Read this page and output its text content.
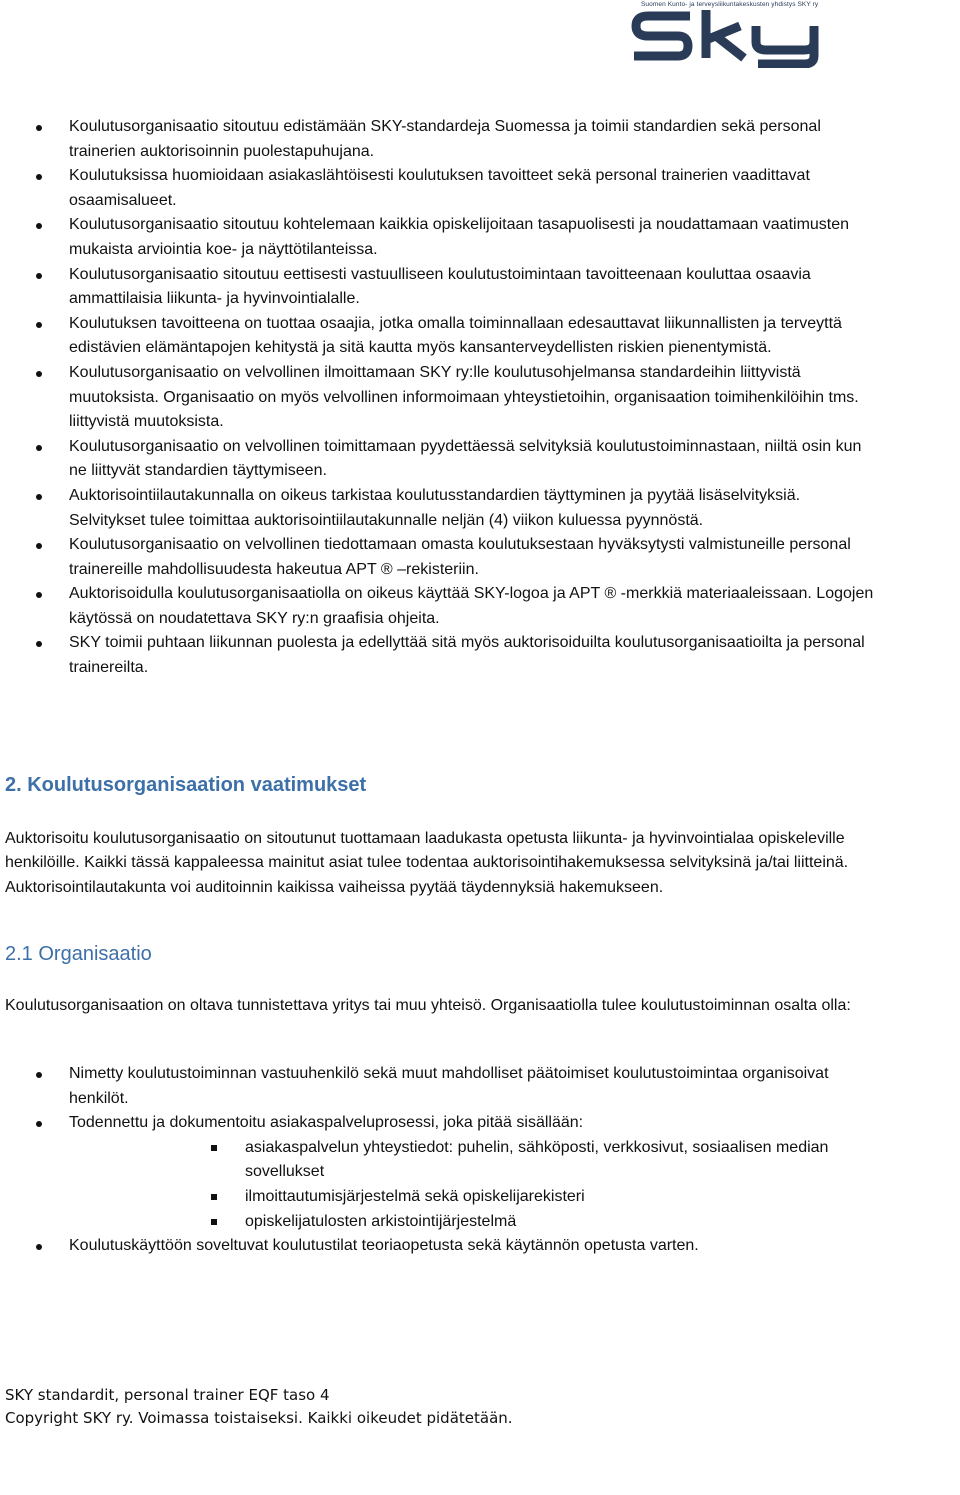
Suomen Kunto- ja terveysliikuntakeskusten yhdistys SKY ry
Koulutusorganisaatio sitoutuu edistämään SKY-standardeja Suomessa ja toimii standardien sekä personal trainerien auktorisoinnin puolestapuhujana.
Koulutuksissa huomioidaan asiakaslähtöisesti koulutuksen tavoitteet sekä personal trainerien vaadittavat osaamisalueet.
Koulutusorganisaatio sitoutuu kohtelemaan kaikkia opiskelijoitaan tasapuolisesti ja noudattamaan vaatimusten mukaista arviointia koe- ja näyttötilanteissa.
Koulutusorganisaatio sitoutuu eettisesti vastuulliseen koulutustoimintaan tavoitteenaan kouluttaa osaavia ammattilaisia liikunta- ja hyvinvointialalle.
Koulutuksen tavoitteena on tuottaa osaajia, jotka omalla toiminnallaan edesauttavat liikunnallisten ja terveyttä edistävien elämäntapojen kehitystä ja sitä kautta myös kansanterveydellisten riskien pienentymistä.
Koulutusorganisaatio on velvollinen ilmoittamaan SKY ry:lle koulutusohjelmansa standardeihin liittyvistä muutoksista. Organisaatio on myös velvollinen informoimaan yhteystietoihin, organisaation toimihenkilöihin tms. liittyvistä muutoksista.
Koulutusorganisaatio on velvollinen toimittamaan pyydettäessä selvityksiä koulutustoiminnastaan, niiltä osin kun ne liittyvät standardien täyttymiseen.
Auktorisointiilautakunnalla on oikeus tarkistaa koulutusstandardien täyttyminen ja pyytää lisäselvityksiä. Selvitykset tulee toimittaa auktorisointiilautakunnalle neljän (4) viikon kuluessa pyynnöstä.
Koulutusorganisaatio on velvollinen tiedottamaan omasta koulutuksestaan hyväksytysti valmistuneille personal trainereille mahdollisuudesta hakeutua APT ® –rekisteriin.
Auktorisoidulla koulutusorganisaatiolla on oikeus käyttää SKY-logoa ja APT ® -merkkiä materiaaleissaan. Logojen käytössä on noudatettava SKY ry:n graafisia ohjeita.
SKY toimii puhtaan liikunnan puolesta ja edellyttää sitä myös auktorisoiduilta koulutusorganisaatioilta ja personal trainereilta.
2. Koulutusorganisaation vaatimukset

Auktorisoitu koulutusorganisaatio on sitoutunut tuottamaan laadukasta opetusta liikunta- ja hyvinvointialaa opiskeleville henkilöille. Kaikki tässä kappaleessa mainitut asiat tulee todentaa auktorisointihakemuksessa selvityksinä ja/tai liitteinä. Auktorisointilautakunta voi auditoinnin kaikissa vaiheissa pyytää täydennyksiä hakemukseen.

2.1 Organisaatio

Koulutusorganisaation on oltava tunnistettava yritys tai muu yhteisö. Organisaatiolla tulee koulutustoiminnan osalta olla:

Nimetty koulutustoiminnan vastuuhenkilö sekä muut mahdolliset päätoimiset koulutustoimintaa organisoivat henkilöt.
Todennettu ja dokumentoitu asiakaspalveluprosessi, joka pitää sisällään:
asiakaspalvelun yhteystiedot: puhelin, sähköposti, verkkosivut, sosiaalisen median sovellukset
ilmoittautumisjärjestelmä sekä opiskelijarekisteri
opiskelijatulosten arkistointijärjestelmä
Koulutuskäyttöön soveltuvat koulutustilat teoriaopetusta sekä käytännön opetusta varten.
5
SKY standardit, personal trainer EQF taso 4
Copyright SKY ry. Voimassa toistaiseksi. Kaikki oikeudet pidätetään.
